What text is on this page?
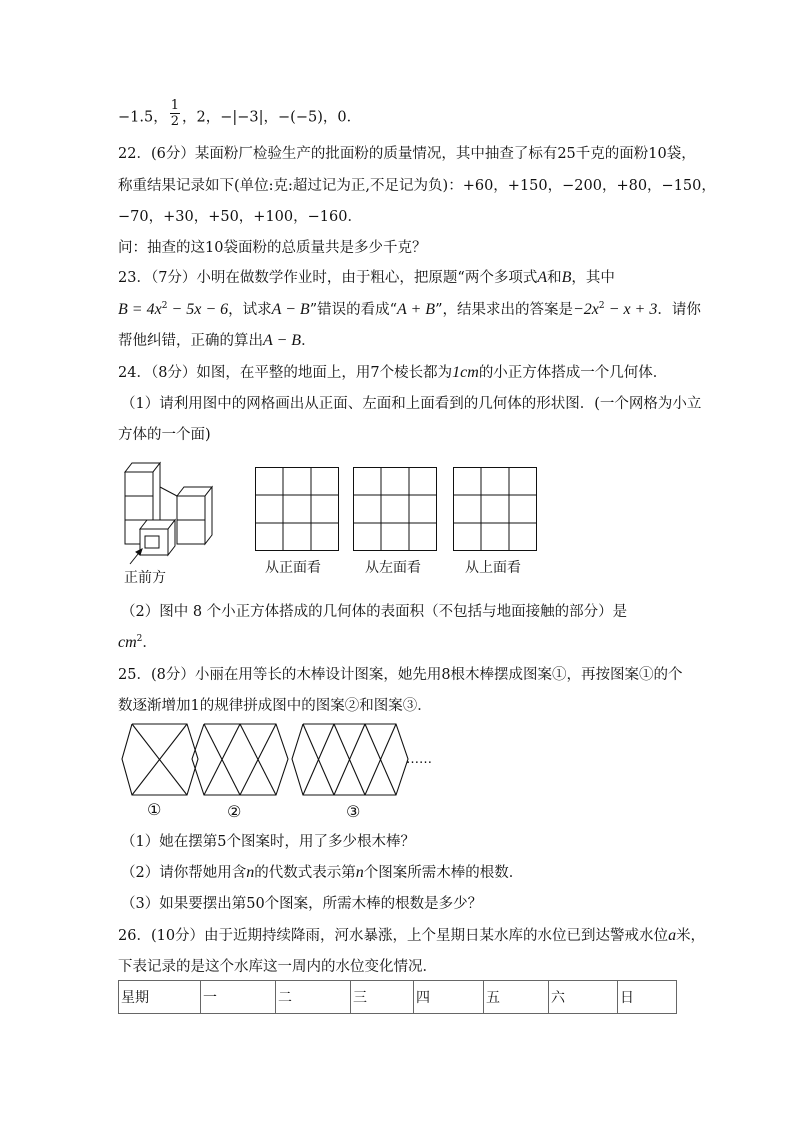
−1.5， $\frac{1}{2}$ ，2，−|−3|，−(−5)，0．
22．(6分）某面粉厂检验生产的批面粉的质量情况，其中抽查了标有25千克的面粉10袋，
称重结果记录如下(单位:克:超过记为正,不足记为负)：+60，+150，−200，+80，−150，
−70，+30，+50，+100，−160．
问：抽查的这10袋面粉的总质量共是多少千克？
23．（7分）小明在做数学作业时，由于粗心，把原题“两个多项式A和B，其中
$B = 4x^2 - 5x - 6$，试求A − B”错误的看成“A + B”，结果求出的答案是$-2x^2 - x + 3$．请你
帮他纠错，正确的算出A − B．
24．（8分）如图，在平整的地面上，用7个棱长都为1cm的小正方体搭成一个几何体．
（1）请利用图中的网格画出从正面、左面和上面看到的几何体的形状图．(一个网格为小立
方体的一个面)
正前方
从正面看	从左面看	从上面看
（2）图中 8 个小正方体搭成的几何体的表面积（不包括与地面接触的部分）是
$cm^2$．
25．(8分）小丽在用等长的木棒设计图案，她先用8根木棒摆成图案①，再按图案①的个
数逐渐增加1的规律拼成图中的图案②和图案③．
……
①	②	③
（1）她在摆第5个图案时，用了多少根木棒？
（2）请你帮她用含n的代数式表示第n个图案所需木棒的根数．
（3）如果要摆出第50个图案，所需木棒的根数是多少？
26．(10分）由于近期持续降雨，河水暴涨，上个星期日某水库的水位已到达警戒水位a米，
下表记录的是这个水库这一周内的水位变化情况．
星期	一	二	三	四	五	六	日
